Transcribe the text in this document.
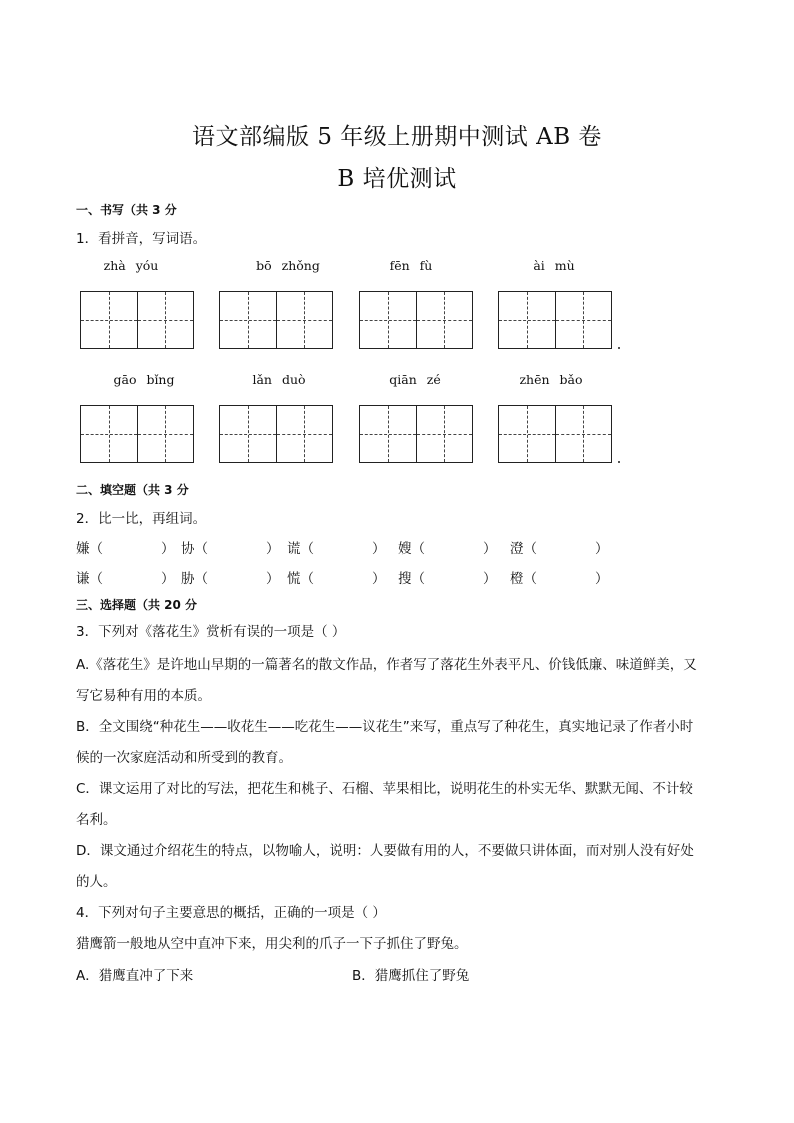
语文部编版 5 年级上册期中测试 AB 卷
B 培优测试
一、书写（共 3 分
1．看拼音，写词语。
zhà yóu	bō zhǒng	fēn fù	ài mù
gāo bǐng	lǎn duò	qiān zé	zhēn bǎo
二、填空题（共 3 分
2．比一比，再组词。
嫌（	） 协（	） 谎（	） 嫂（	） 澄（	）
谦（	） 胁（	） 慌（	） 搜（	） 橙（	）
三、选择题（共 20 分
3．下列对《落花生》赏析有误的一项是（ ）
A.《落花生》是许地山早期的一篇著名的散文作品，作者写了落花生外表平凡、价钱低廉、味道鲜美，又
写它易种有用的本质。
B．全文围绕“种花生——收花生——吃花生——议花生”来写，重点写了种花生，真实地记录了作者小时
候的一次家庭活动和所受到的教育。
C．课文运用了对比的写法，把花生和桃子、石榴、苹果相比，说明花生的朴实无华、默默无闻、不计较
名利。
D．课文通过介绍花生的特点，以物喻人，说明：人要做有用的人，不要做只讲体面，而对别人没有好处
的人。
4．下列对句子主要意思的概括，正确的一项是（ ）
猎鹰箭一般地从空中直冲下来，用尖利的爪子一下子抓住了野兔。
A．猎鹰直冲了下来	B．猎鹰抓住了野兔
